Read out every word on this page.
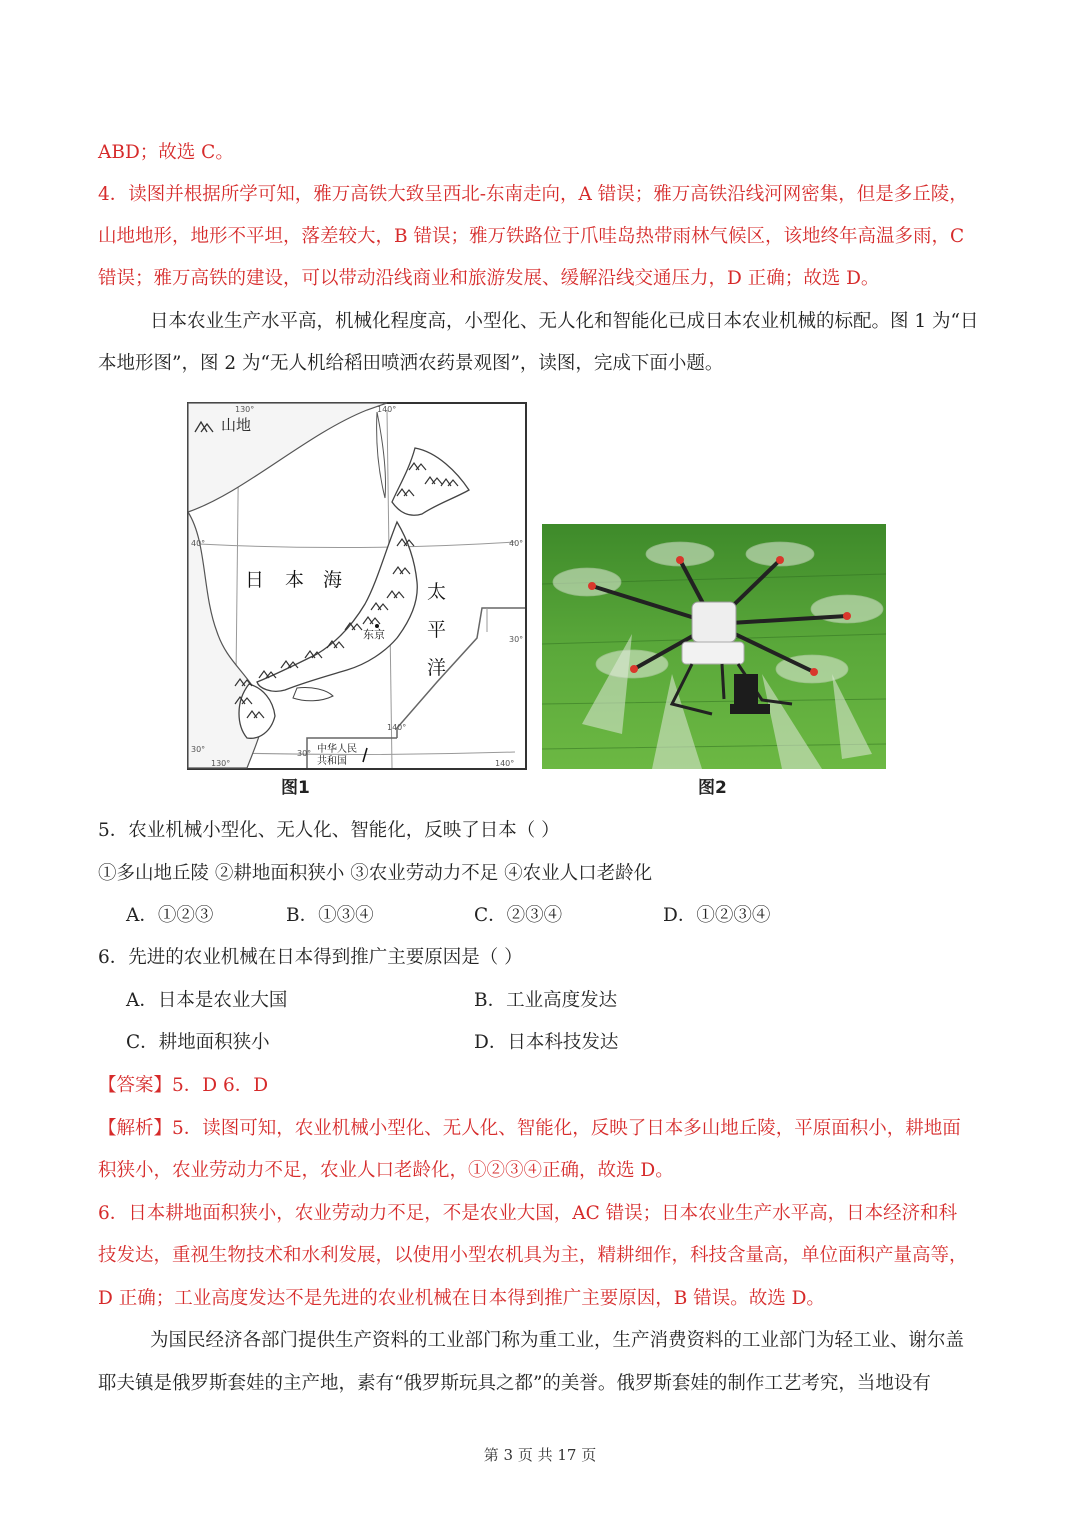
ABD；故选 C。
4．读图并根据所学可知，雅万高铁大致呈西北-东南走向，A 错误；雅万高铁沿线河网密集，但是多丘陵，
山地地形，地形不平坦，落差较大，B 错误；雅万铁路位于爪哇岛热带雨林气候区，该地终年高温多雨，C
错误；雅万高铁的建设，可以带动沿线商业和旅游发展、缓解沿线交通压力，D 正确；故选 D。
日本农业生产水平高，机械化程度高，小型化、无人化和智能化已成日本农业机械的标配。图 1 为“日
本地形图”，图 2 为“无人机给稻田喷洒农药景观图”，读图，完成下面小题。
山地
日 本 海
太
平
洋
东京
中华人民
共和国
130°	140°
40°	40°
30°
30°
130°	140°
140°
30°
图1	图2
5．农业机械小型化、无人化、智能化，反映了日本（ ）
①多山地丘陵 ②耕地面积狭小 ③农业劳动力不足 ④农业人口老龄化
A．①②③	B．①③④	C．②③④	D．①②③④
6．先进的农业机械在日本得到推广主要原因是（ ）
A．日本是农业大国	B．工业高度发达
C．耕地面积狭小	D．日本科技发达
【答案】5．D 6．D
【解析】5．读图可知，农业机械小型化、无人化、智能化，反映了日本多山地丘陵，平原面积小，耕地面
积狭小，农业劳动力不足，农业人口老龄化，①②③④正确，故选 D。
6．日本耕地面积狭小，农业劳动力不足，不是农业大国，AC 错误；日本农业生产水平高，日本经济和科
技发达，重视生物技术和水利发展，以使用小型农机具为主，精耕细作，科技含量高，单位面积产量高等，
D 正确；工业高度发达不是先进的农业机械在日本得到推广主要原因，B 错误。故选 D。
为国民经济各部门提供生产资料的工业部门称为重工业，生产消费资料的工业部门为轻工业、谢尔盖
耶夫镇是俄罗斯套娃的主产地，素有“俄罗斯玩具之都”的美誉。俄罗斯套娃的制作工艺考究，当地设有
第 3 页 共 17 页
